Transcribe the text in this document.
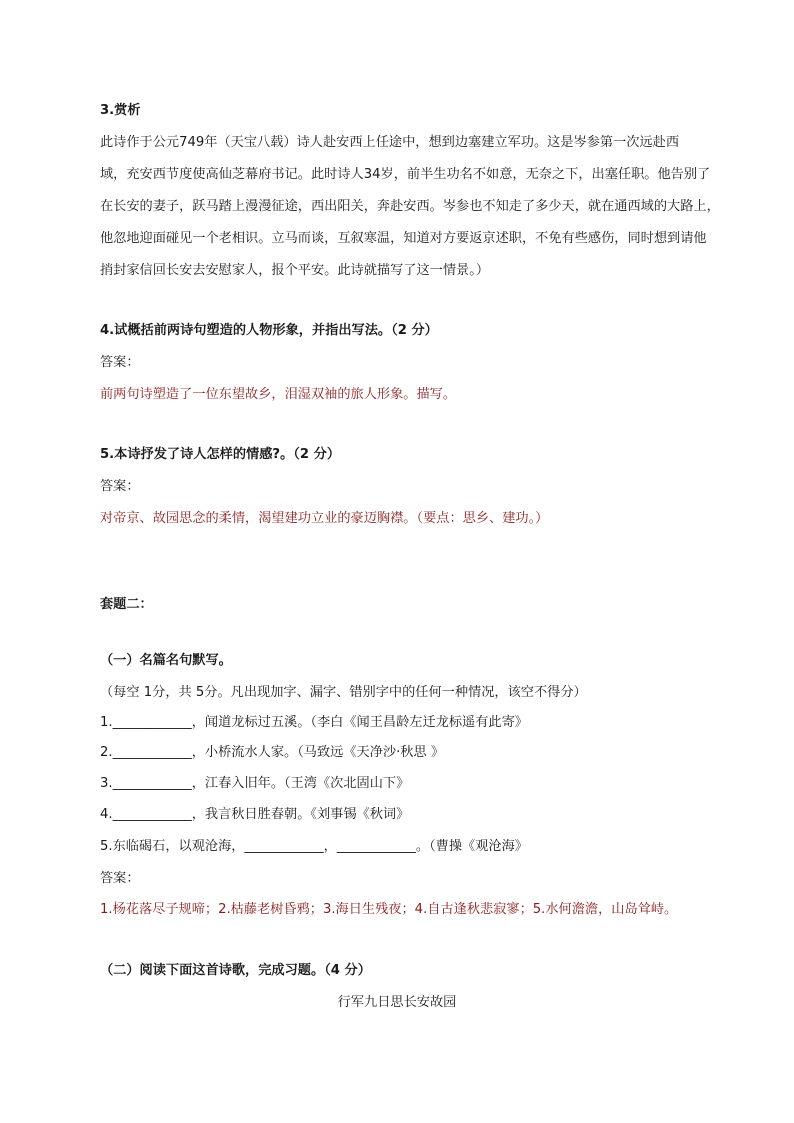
3.赏析
此诗作于公元749年（天宝八载）诗人赴安西上任途中，想到边塞建立军功。这是岑参第一次远赴西
域，充安西节度使高仙芝幕府书记。此时诗人34岁，前半生功名不如意，无奈之下，出塞任职。他告别了
在长安的妻子，跃马踏上漫漫征途，西出阳关，奔赴安西。岑参也不知走了多少天，就在通西域的大路上，
他忽地迎面碰见一个老相识。立马而谈，互叙寒温，知道对方要返京述职，不免有些感伤，同时想到请他
捎封家信回长安去安慰家人，报个平安。此诗就描写了这一情景。）
4.试概括前两诗句塑造的人物形象，并指出写法。（2 分）
答案：
前两句诗塑造了一位东望故乡，泪湿双袖的旅人形象。描写。
5.本诗抒发了诗人怎样的情感?。（2 分）
答案：
对帝京、故园思念的柔情，渴望建功立业的豪迈胸襟。（要点：思乡、建功。）
套题二：
（一）名篇名句默写。
（每空 1分，共 5分。凡出现加字、漏字、错别字中的任何一种情况，该空不得分）
1.____________，闻道龙标过五溪。（李白《闻王昌龄左迁龙标遥有此寄》
2.____________，小桥流水人家。（马致远《天净沙·秋思 》
3.____________，江春入旧年。（王湾《次北固山下》
4.____________，我言秋日胜春朝。《刘事锡《秋词》
5.东临碣石，以观沧海，____________，____________。（曹操《观沧海》
答案：
1.杨花落尽子规啼；2.枯藤老树昏鸦；3.海日生残夜；4.自古逢秋悲寂寥；5.水何澹澹，山岛耸峙。
（二）阅读下面这首诗歌，完成习题。（4 分）
行军九日思长安故园
